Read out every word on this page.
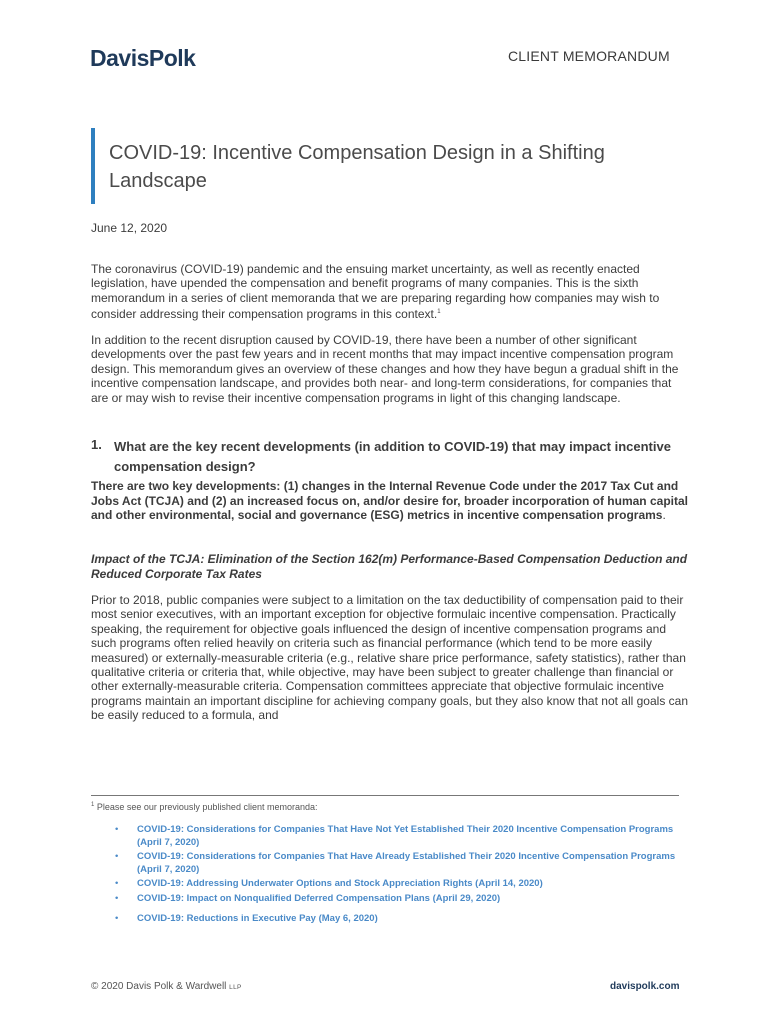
DavisPolk	CLIENT MEMORANDUM
COVID-19: Incentive Compensation Design in a Shifting Landscape
June 12, 2020
The coronavirus (COVID-19) pandemic and the ensuing market uncertainty, as well as recently enacted legislation, have upended the compensation and benefit programs of many companies. This is the sixth memorandum in a series of client memoranda that we are preparing regarding how companies may wish to consider addressing their compensation programs in this context.$^1$
In addition to the recent disruption caused by COVID-19, there have been a number of other significant developments over the past few years and in recent months that may impact incentive compensation program design. This memorandum gives an overview of these changes and how they have begun a gradual shift in the incentive compensation landscape, and provides both near- and long-term considerations, for companies that are or may wish to revise their incentive compensation programs in light of this changing landscape.
1. What are the key recent developments (in addition to COVID-19) that may impact incentive compensation design?
There are two key developments: (1) changes in the Internal Revenue Code under the 2017 Tax Cut and Jobs Act (TCJA) and (2) an increased focus on, and/or desire for, broader incorporation of human capital and other environmental, social and governance (ESG) metrics in incentive compensation programs.
Impact of the TCJA: Elimination of the Section 162(m) Performance-Based Compensation Deduction and Reduced Corporate Tax Rates
Prior to 2018, public companies were subject to a limitation on the tax deductibility of compensation paid to their most senior executives, with an important exception for objective formulaic incentive compensation. Practically speaking, the requirement for objective goals influenced the design of incentive compensation programs and such programs often relied heavily on criteria such as financial performance (which tend to be more easily measured) or externally-measurable criteria (e.g., relative share price performance, safety statistics), rather than qualitative criteria or criteria that, while objective, may have been subject to greater challenge than financial or other externally-measurable criteria. Compensation committees appreciate that objective formulaic incentive programs maintain an important discipline for achieving company goals, but they also know that not all goals can be easily reduced to a formula, and
$^1$ Please see our previously published client memoranda:
• COVID-19: Considerations for Companies That Have Not Yet Established Their 2020 Incentive Compensation Programs (April 7, 2020)
• COVID-19: Considerations for Companies That Have Already Established Their 2020 Incentive Compensation Programs (April 7, 2020)
• COVID-19: Addressing Underwater Options and Stock Appreciation Rights (April 14, 2020)
• COVID-19: Impact on Nonqualified Deferred Compensation Plans (April 29, 2020)
• COVID-19: Reductions in Executive Pay (May 6, 2020)
© 2020 Davis Polk & Wardwell LLP	davispolk.com
